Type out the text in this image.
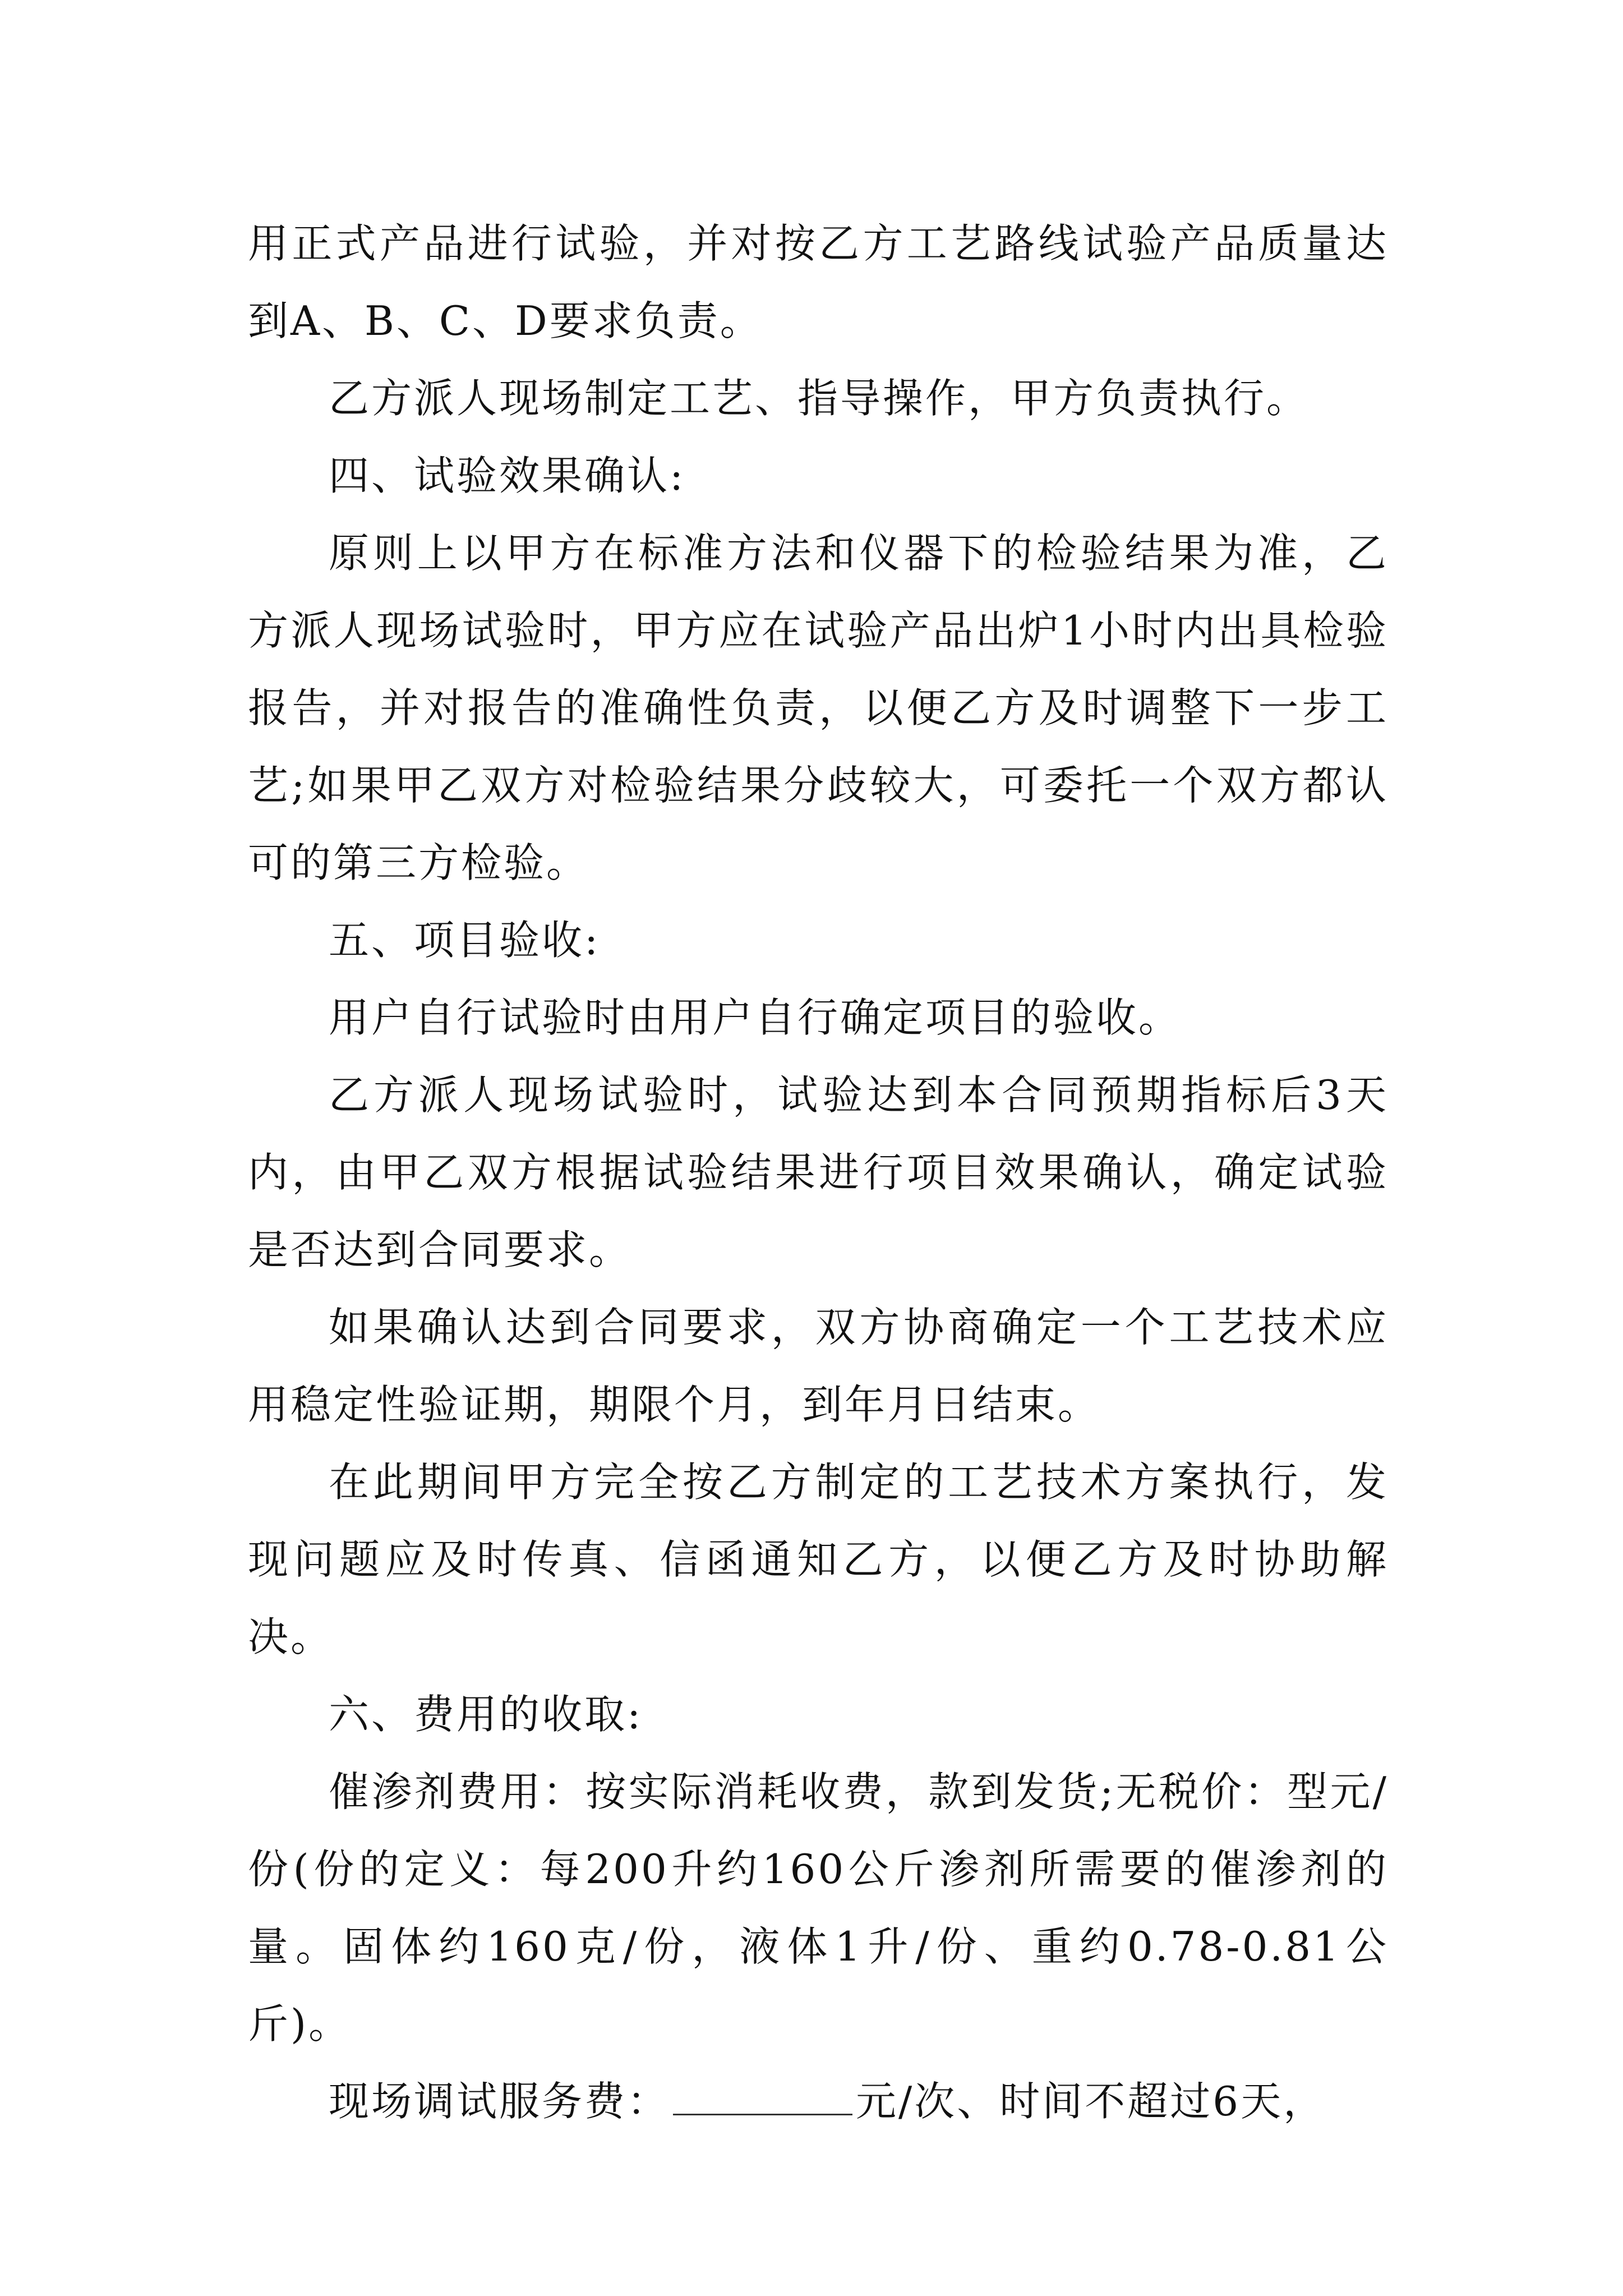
用正式产品进行试验，并对按乙方工艺路线试验产品质量达到A、B、C、D要求负责。

乙方派人现场制定工艺、指导操作，甲方负责执行。

四、试验效果确认:

原则上以甲方在标准方法和仪器下的检验结果为准，乙方派人现场试验时，甲方应在试验产品出炉1小时内出具检验报告，并对报告的准确性负责，以便乙方及时调整下一步工艺;如果甲乙双方对检验结果分歧较大，可委托一个双方都认可的第三方检验。

五、项目验收:

用户自行试验时由用户自行确定项目的验收。

乙方派人现场试验时，试验达到本合同预期指标后3天内，由甲乙双方根据试验结果进行项目效果确认，确定试验是否达到合同要求。

如果确认达到合同要求，双方协商确定一个工艺技术应用稳定性验证期，期限个月，到年月日结束。

在此期间甲方完全按乙方制定的工艺技术方案执行，发现问题应及时传真、信函通知乙方，以便乙方及时协助解决。

六、费用的收取:

催渗剂费用：按实际消耗收费，款到发货;无税价：型元/份(份的定义：每200升约160公斤渗剂所需要的催渗剂的量。固体约160克/份，液体1升/份、重约0.78-0.81公斤)。

现场调试服务费：	元/次、时间不超过6天，
